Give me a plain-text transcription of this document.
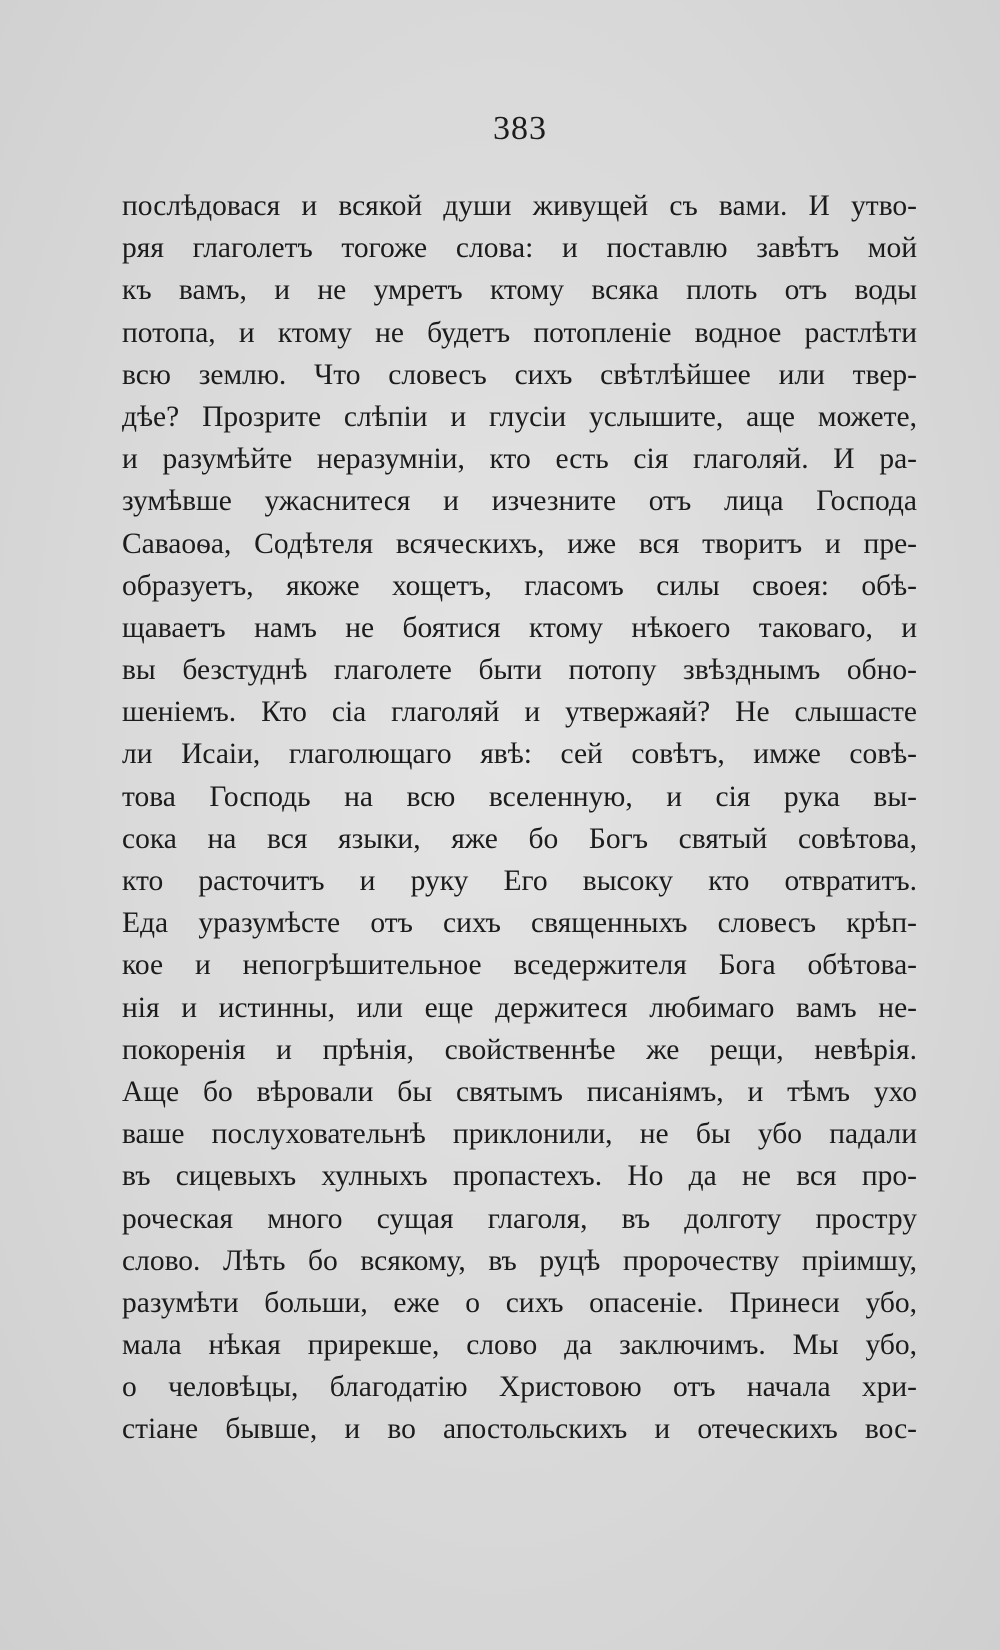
383
послѣдовася и всякой души живущей съ вами. И утво-
ряя глаголетъ тогоже слова: и поставлю завѣтъ мой
къ вамъ, и не умретъ ктому всяка плоть отъ воды
потопа, и ктому не будетъ потопленіе водное растлѣти
всю землю. Что словесъ сихъ свѣтлѣйшее или твер-
дѣе? Прозрите слѣпіи и глусіи услышите, аще можете,
и разумѣйте неразумніи, кто есть сія глаголяй. И ра-
зумѣвше ужаснитеся и изчезните отъ лица Господа
Саваоѳа, Содѣтеля всяческихъ, иже вся творитъ и пре-
образуетъ, якоже хощетъ, гласомъ силы своея: обѣ-
щаваетъ намъ не боятися ктому нѣкоего таковаго, и
вы безстуднѣ глаголете быти потопу звѣзднымъ обно-
шеніемъ. Кто сіа глаголяй и утвержаяй? Не слышасте
ли Исаіи, глаголющаго явѣ: сей совѣтъ, имже совѣ-
това Господь на всю вселенную, и сія рука вы-
сока на вся языки, яже бо Богъ святый совѣтова,
кто расточитъ и руку Его высоку кто отвратитъ.
Еда уразумѣсте отъ сихъ священныхъ словесъ крѣп-
кое и непогрѣшительное вседержителя Бога обѣтова-
нія и истинны, или еще держитеся любимаго вамъ не-
покоренія и прѣнія, свойственнѣе же рещи, невѣрія.
Аще бо вѣровали бы святымъ писаніямъ, и тѣмъ ухо
ваше послуховательнѣ приклонили, не бы убо падали
въ сицевыхъ хулныхъ пропастехъ. Но да не вся про-
роческая много сущая глаголя, въ долготу простру
слово. Лѣть бо всякому, въ руцѣ пророчеству пріимшу,
разумѣти больши, еже о сихъ опасеніе. Принеси убо,
мала нѣкая прирекше, слово да заключимъ. Мы убо,
о человѣцы, благодатію Христовою отъ начала хри-
стіане бывше, и во апостольскихъ и отеческихъ вос-
